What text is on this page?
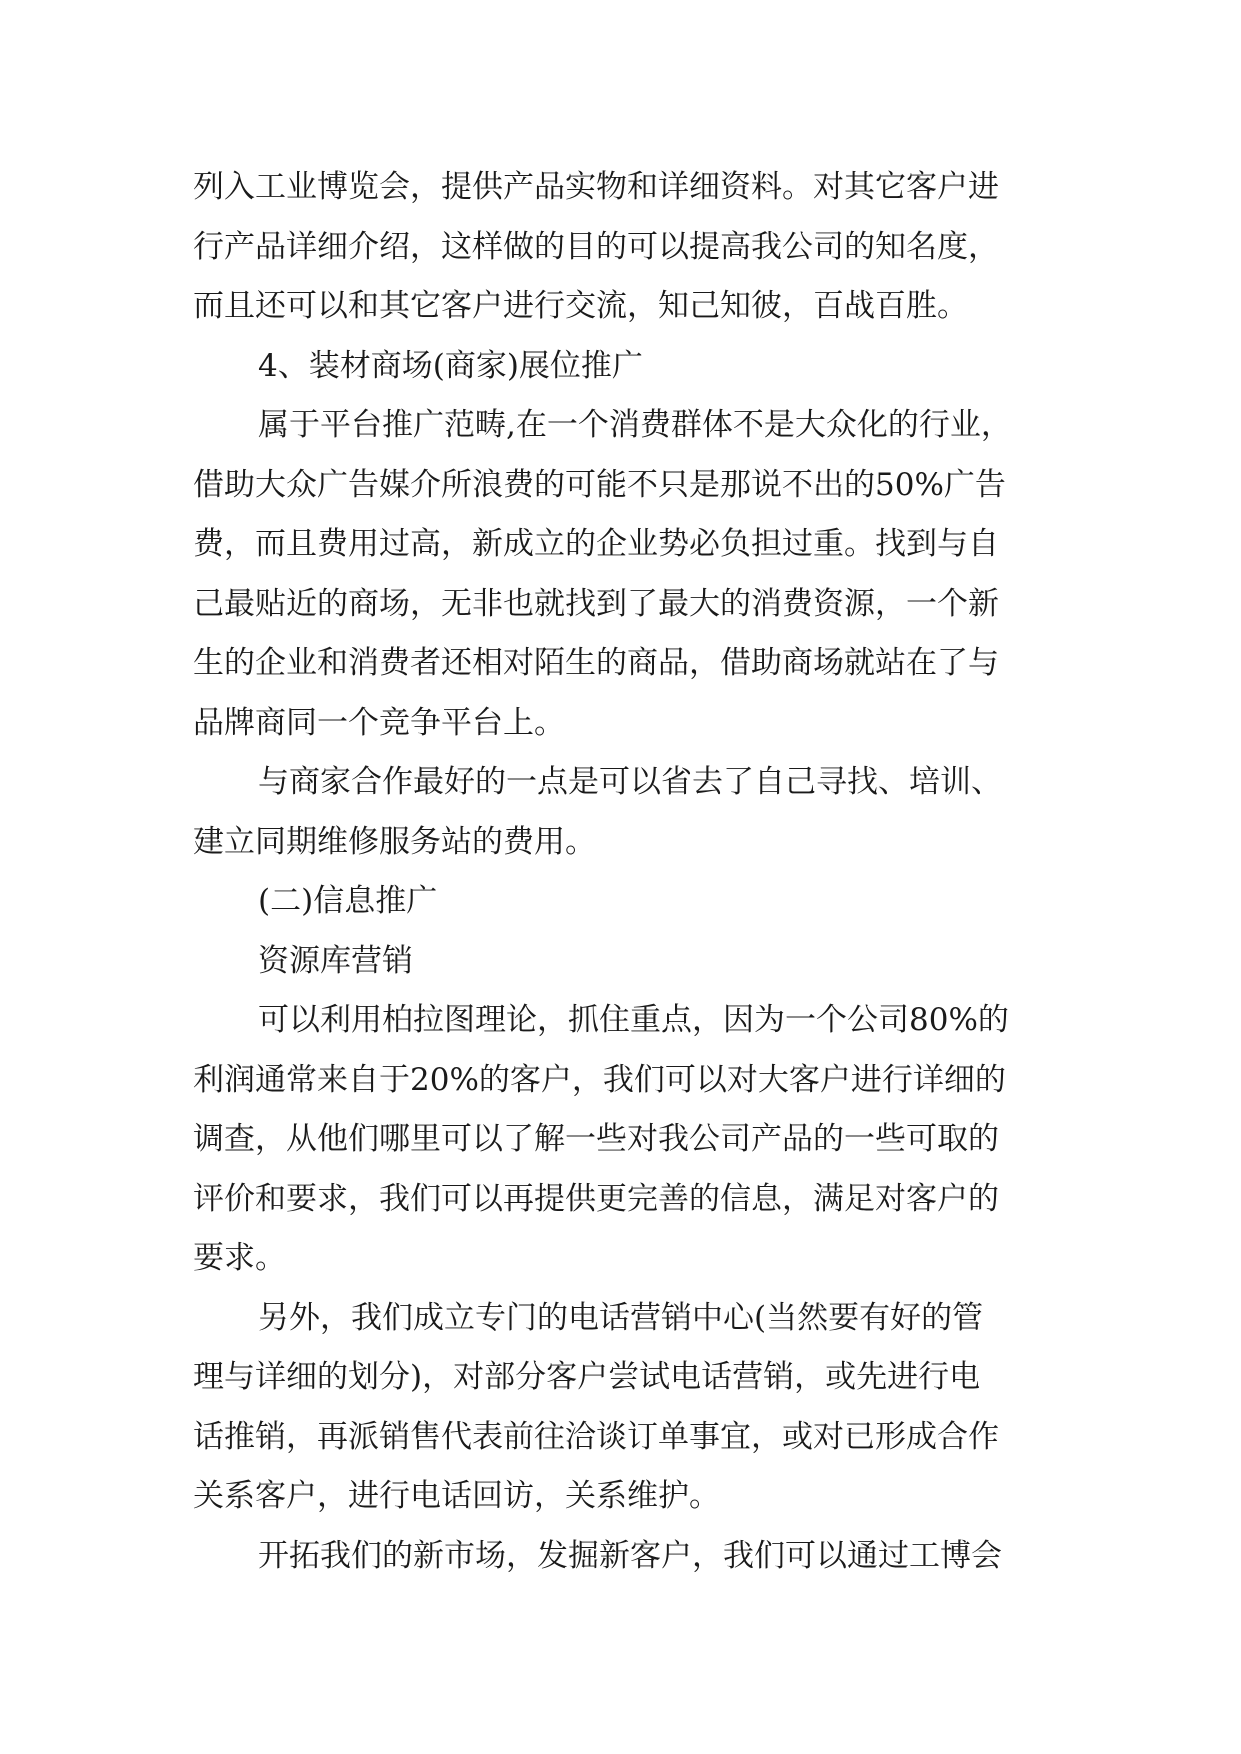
列入工业博览会，提供产品实物和详细资料。对其它客户进
行产品详细介绍，这样做的目的可以提高我公司的知名度，
而且还可以和其它客户进行交流，知己知彼，百战百胜。
4、装材商场(商家)展位推广
属于平台推广范畴,在一个消费群体不是大众化的行业，
借助大众广告媒介所浪费的可能不只是那说不出的50%广告
费，而且费用过高，新成立的企业势必负担过重。找到与自
己最贴近的商场，无非也就找到了最大的消费资源，一个新
生的企业和消费者还相对陌生的商品，借助商场就站在了与
品牌商同一个竞争平台上。
与商家合作最好的一点是可以省去了自己寻找、培训、
建立同期维修服务站的费用。
(二)信息推广
资源库营销
可以利用柏拉图理论，抓住重点，因为一个公司80%的
利润通常来自于20%的客户，我们可以对大客户进行详细的
调查，从他们哪里可以了解一些对我公司产品的一些可取的
评价和要求，我们可以再提供更完善的信息，满足对客户的
要求。
另外，我们成立专门的电话营销中心(当然要有好的管
理与详细的划分)，对部分客户尝试电话营销，或先进行电
话推销，再派销售代表前往洽谈订单事宜，或对已形成合作
关系客户，进行电话回访，关系维护。
开拓我们的新市场，发掘新客户，我们可以通过工博会
